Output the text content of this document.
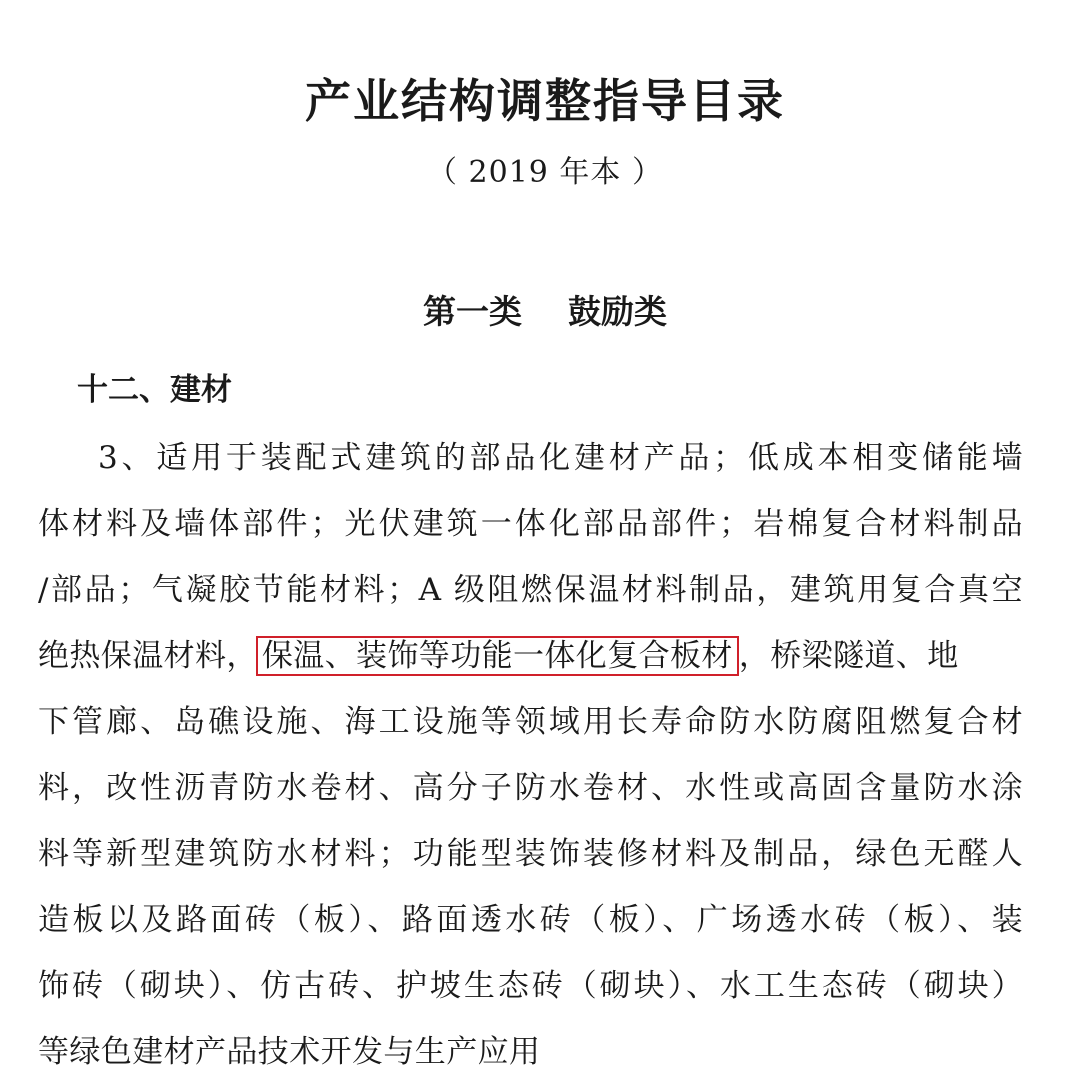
产业结构调整指导目录
（ 2019 年本 ）
第一类    鼓励类
十二、建材
3、适用于装配式建筑的部品化建材产品；低成本相变储能墙
体材料及墙体部件；光伏建筑一体化部品部件；岩棉复合材料制品
/部品；气凝胶节能材料；A 级阻燃保温材料制品，建筑用复合真空
绝热保温材料， 保温、装饰等功能一体化复合板材 ，桥梁隧道、地
下管廊、岛礁设施、海工设施等领域用长寿命防水防腐阻燃复合材
料，改性沥青防水卷材、高分子防水卷材、水性或高固含量防水涂
料等新型建筑防水材料；功能型装饰装修材料及制品，绿色无醛人
造板以及路面砖（板）、路面透水砖（板）、广场透水砖（板）、装
饰砖（砌块）、仿古砖、护坡生态砖（砌块）、水工生态砖（砌块）
等绿色建材产品技术开发与生产应用
